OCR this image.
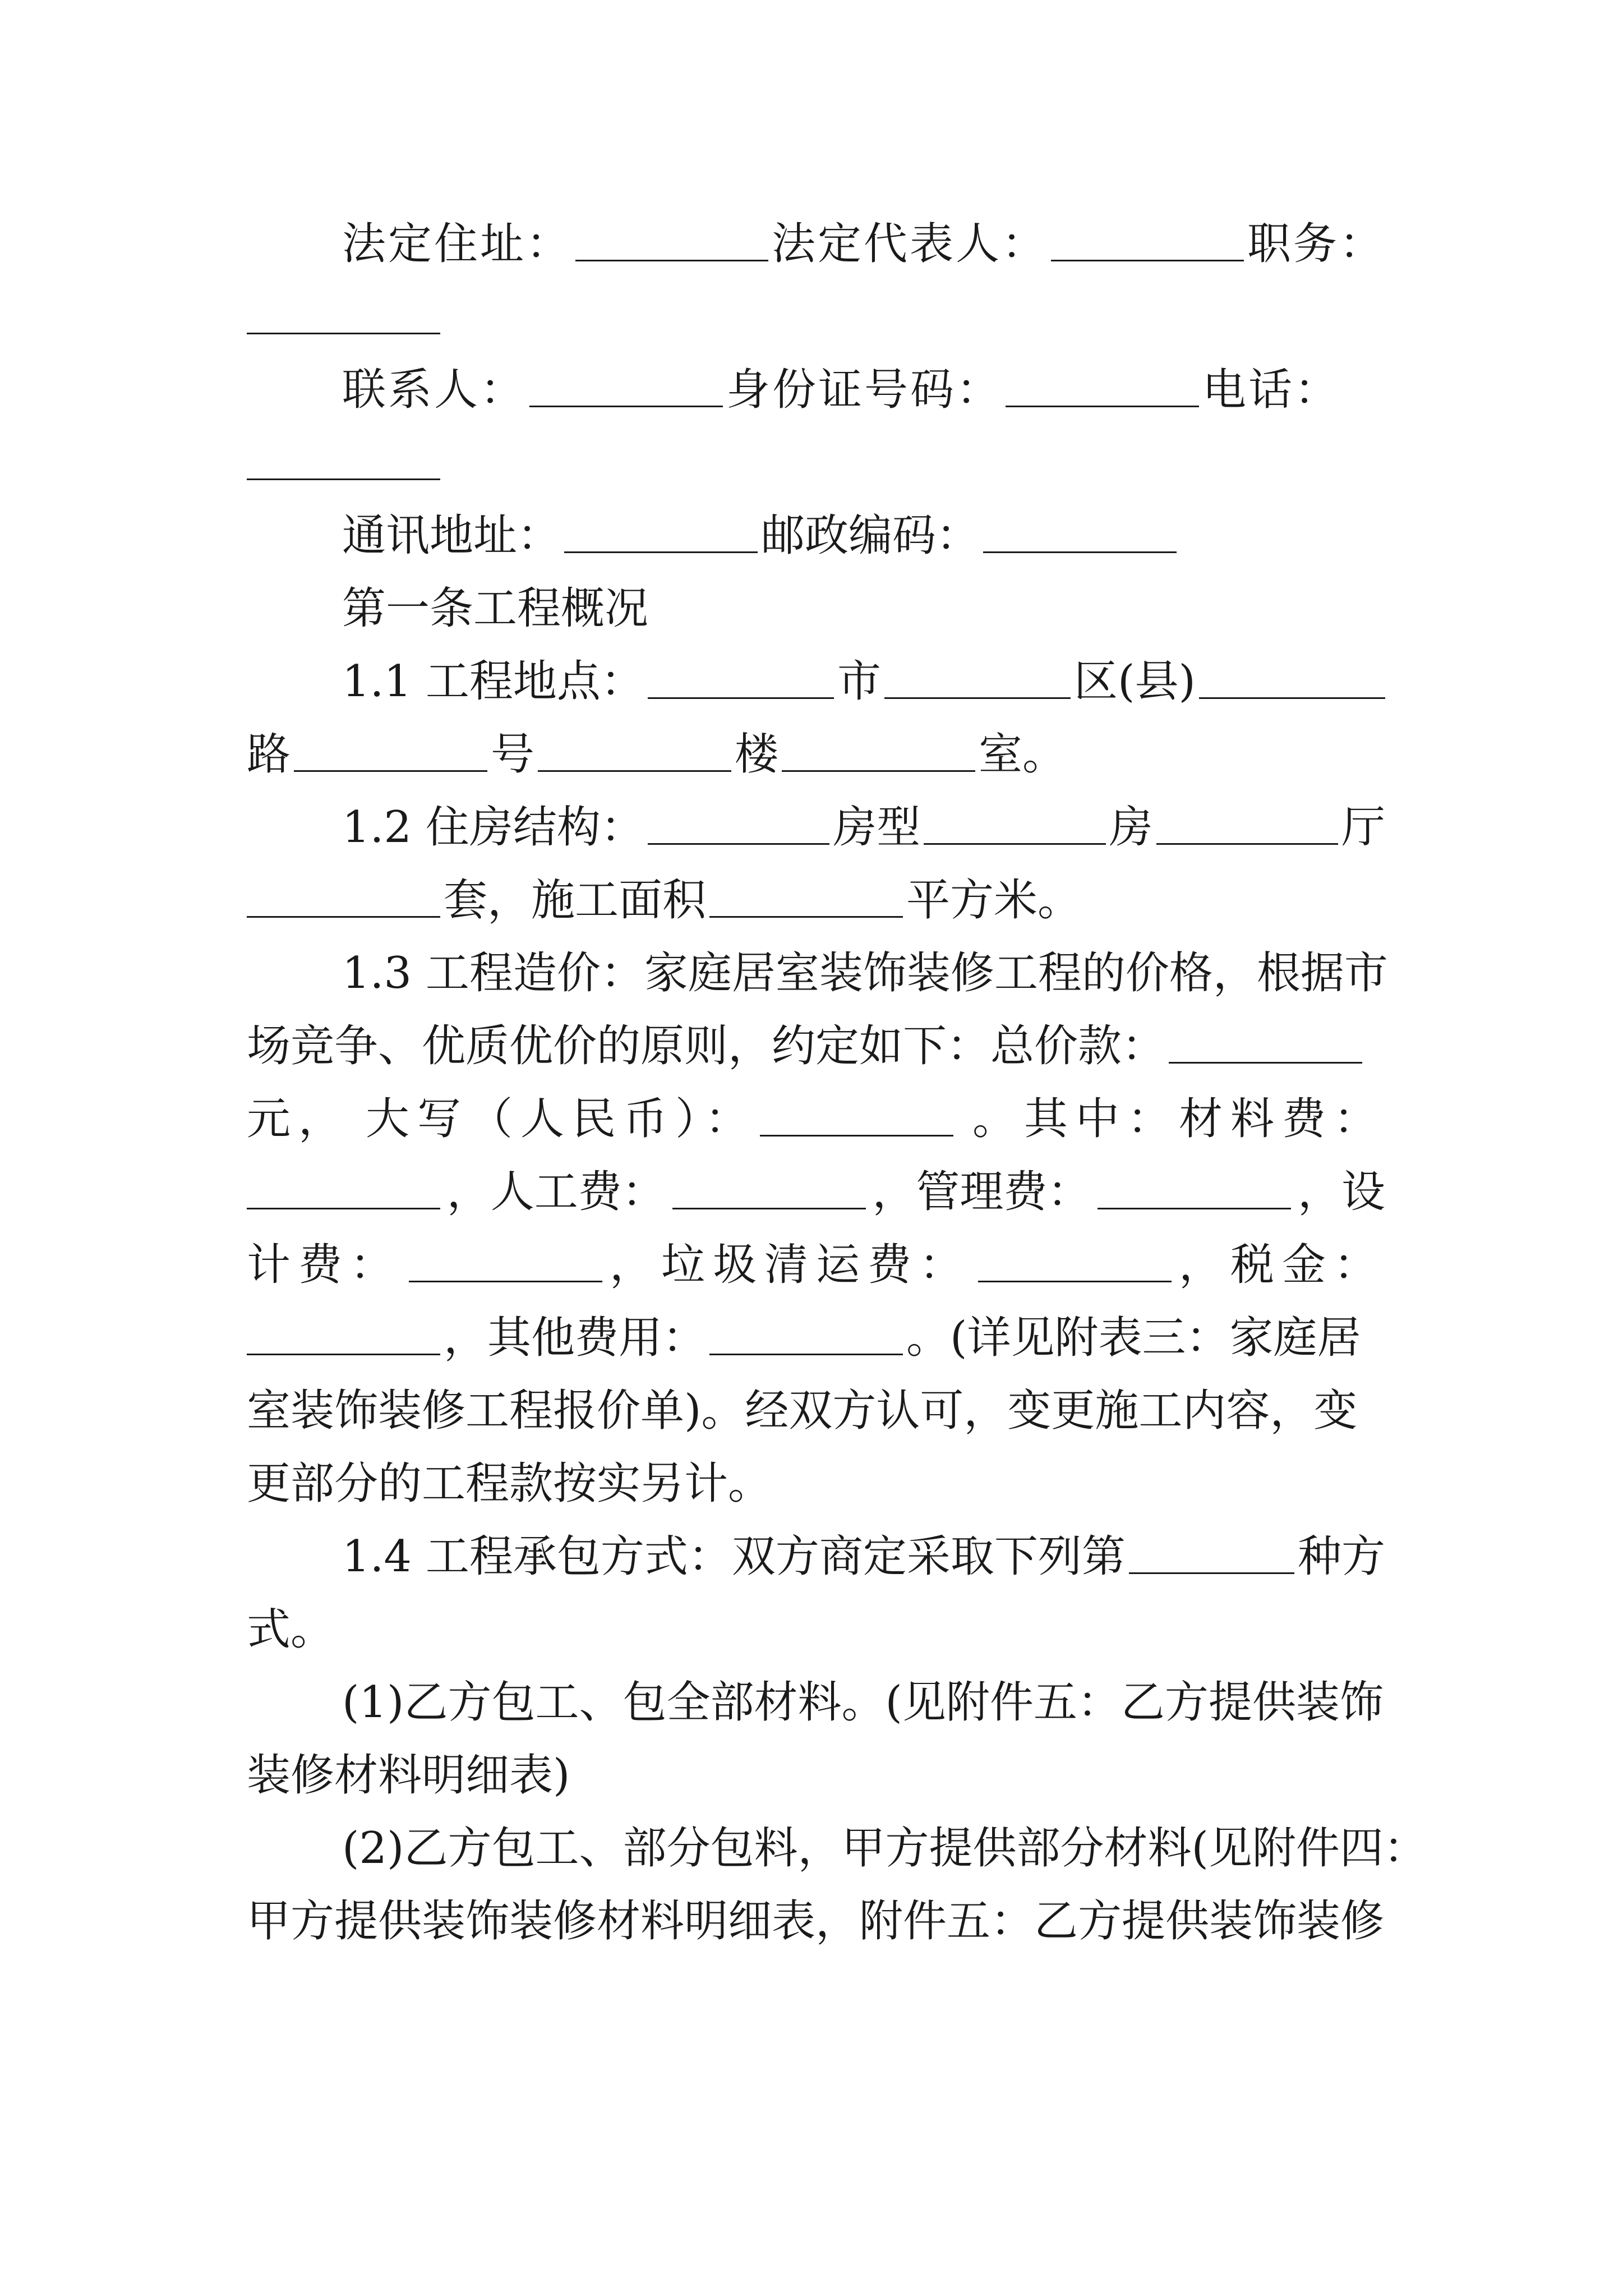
法定住址：	法定代表人：	职务：
联系人：	身份证号码：	电话：
通讯地址：	邮政编码：
第一条工程概况
1.1 工程地点：	市	区(县)
路	号	楼	室。
1.2 住房结构：	房型	房	厅
套，施工面积	平方米。
1.3 工程造价：家庭居室装饰装修工程的价格，根据市
场竞争、优质优价的原则，约定如下：总价款：
元， 大写（人民币）：	。其中：材料费：
，人工费：	，管理费：	，设
计费：	，垃圾清运费：	，税金：
，其他费用：	。(详见附表三：家庭居
室装饰装修工程报价单)。经双方认可，变更施工内容，变
更部分的工程款按实另计。
1.4 工程承包方式：双方商定采取下列第	种方
式。
(1)乙方包工、包全部材料。(见附件五：乙方提供装饰
装修材料明细表)
(2)乙方包工、部分包料，甲方提供部分材料(见附件四：
甲方提供装饰装修材料明细表，附件五：乙方提供装饰装修
